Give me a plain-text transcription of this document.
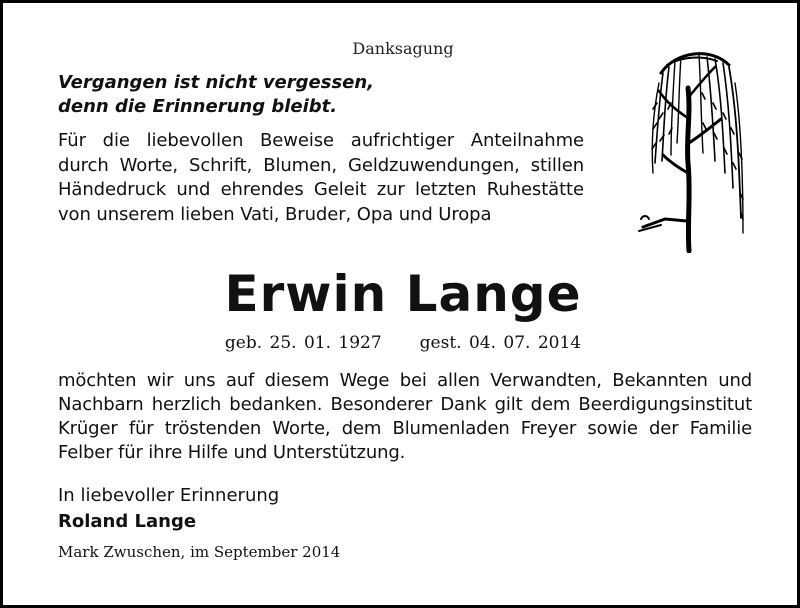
Danksagung
Vergangen ist nicht vergessen,
denn die Erinnerung bleibt.
Für die liebevollen Beweise aufrichtiger Anteilnahme durch Worte, Schrift, Blumen, Geldzuwendungen, stillen Händedruck und ehrendes Geleit zur letzten Ruhestätte von unserem lieben Vati, Bruder, Opa und Uropa
Erwin Lange
geb. 25. 01. 1927 gest. 04. 07. 2014
möchten wir uns auf diesem Wege bei allen Verwandten, Bekannten und Nachbarn herzlich bedanken. Besonderer Dank gilt dem Beerdigungsinstitut Krüger für tröstenden Worte, dem Blumenladen Freyer sowie der Familie Felber für ihre Hilfe und Unterstützung.
In liebevoller Erinnerung
Roland Lange
Mark Zwuschen, im September 2014
